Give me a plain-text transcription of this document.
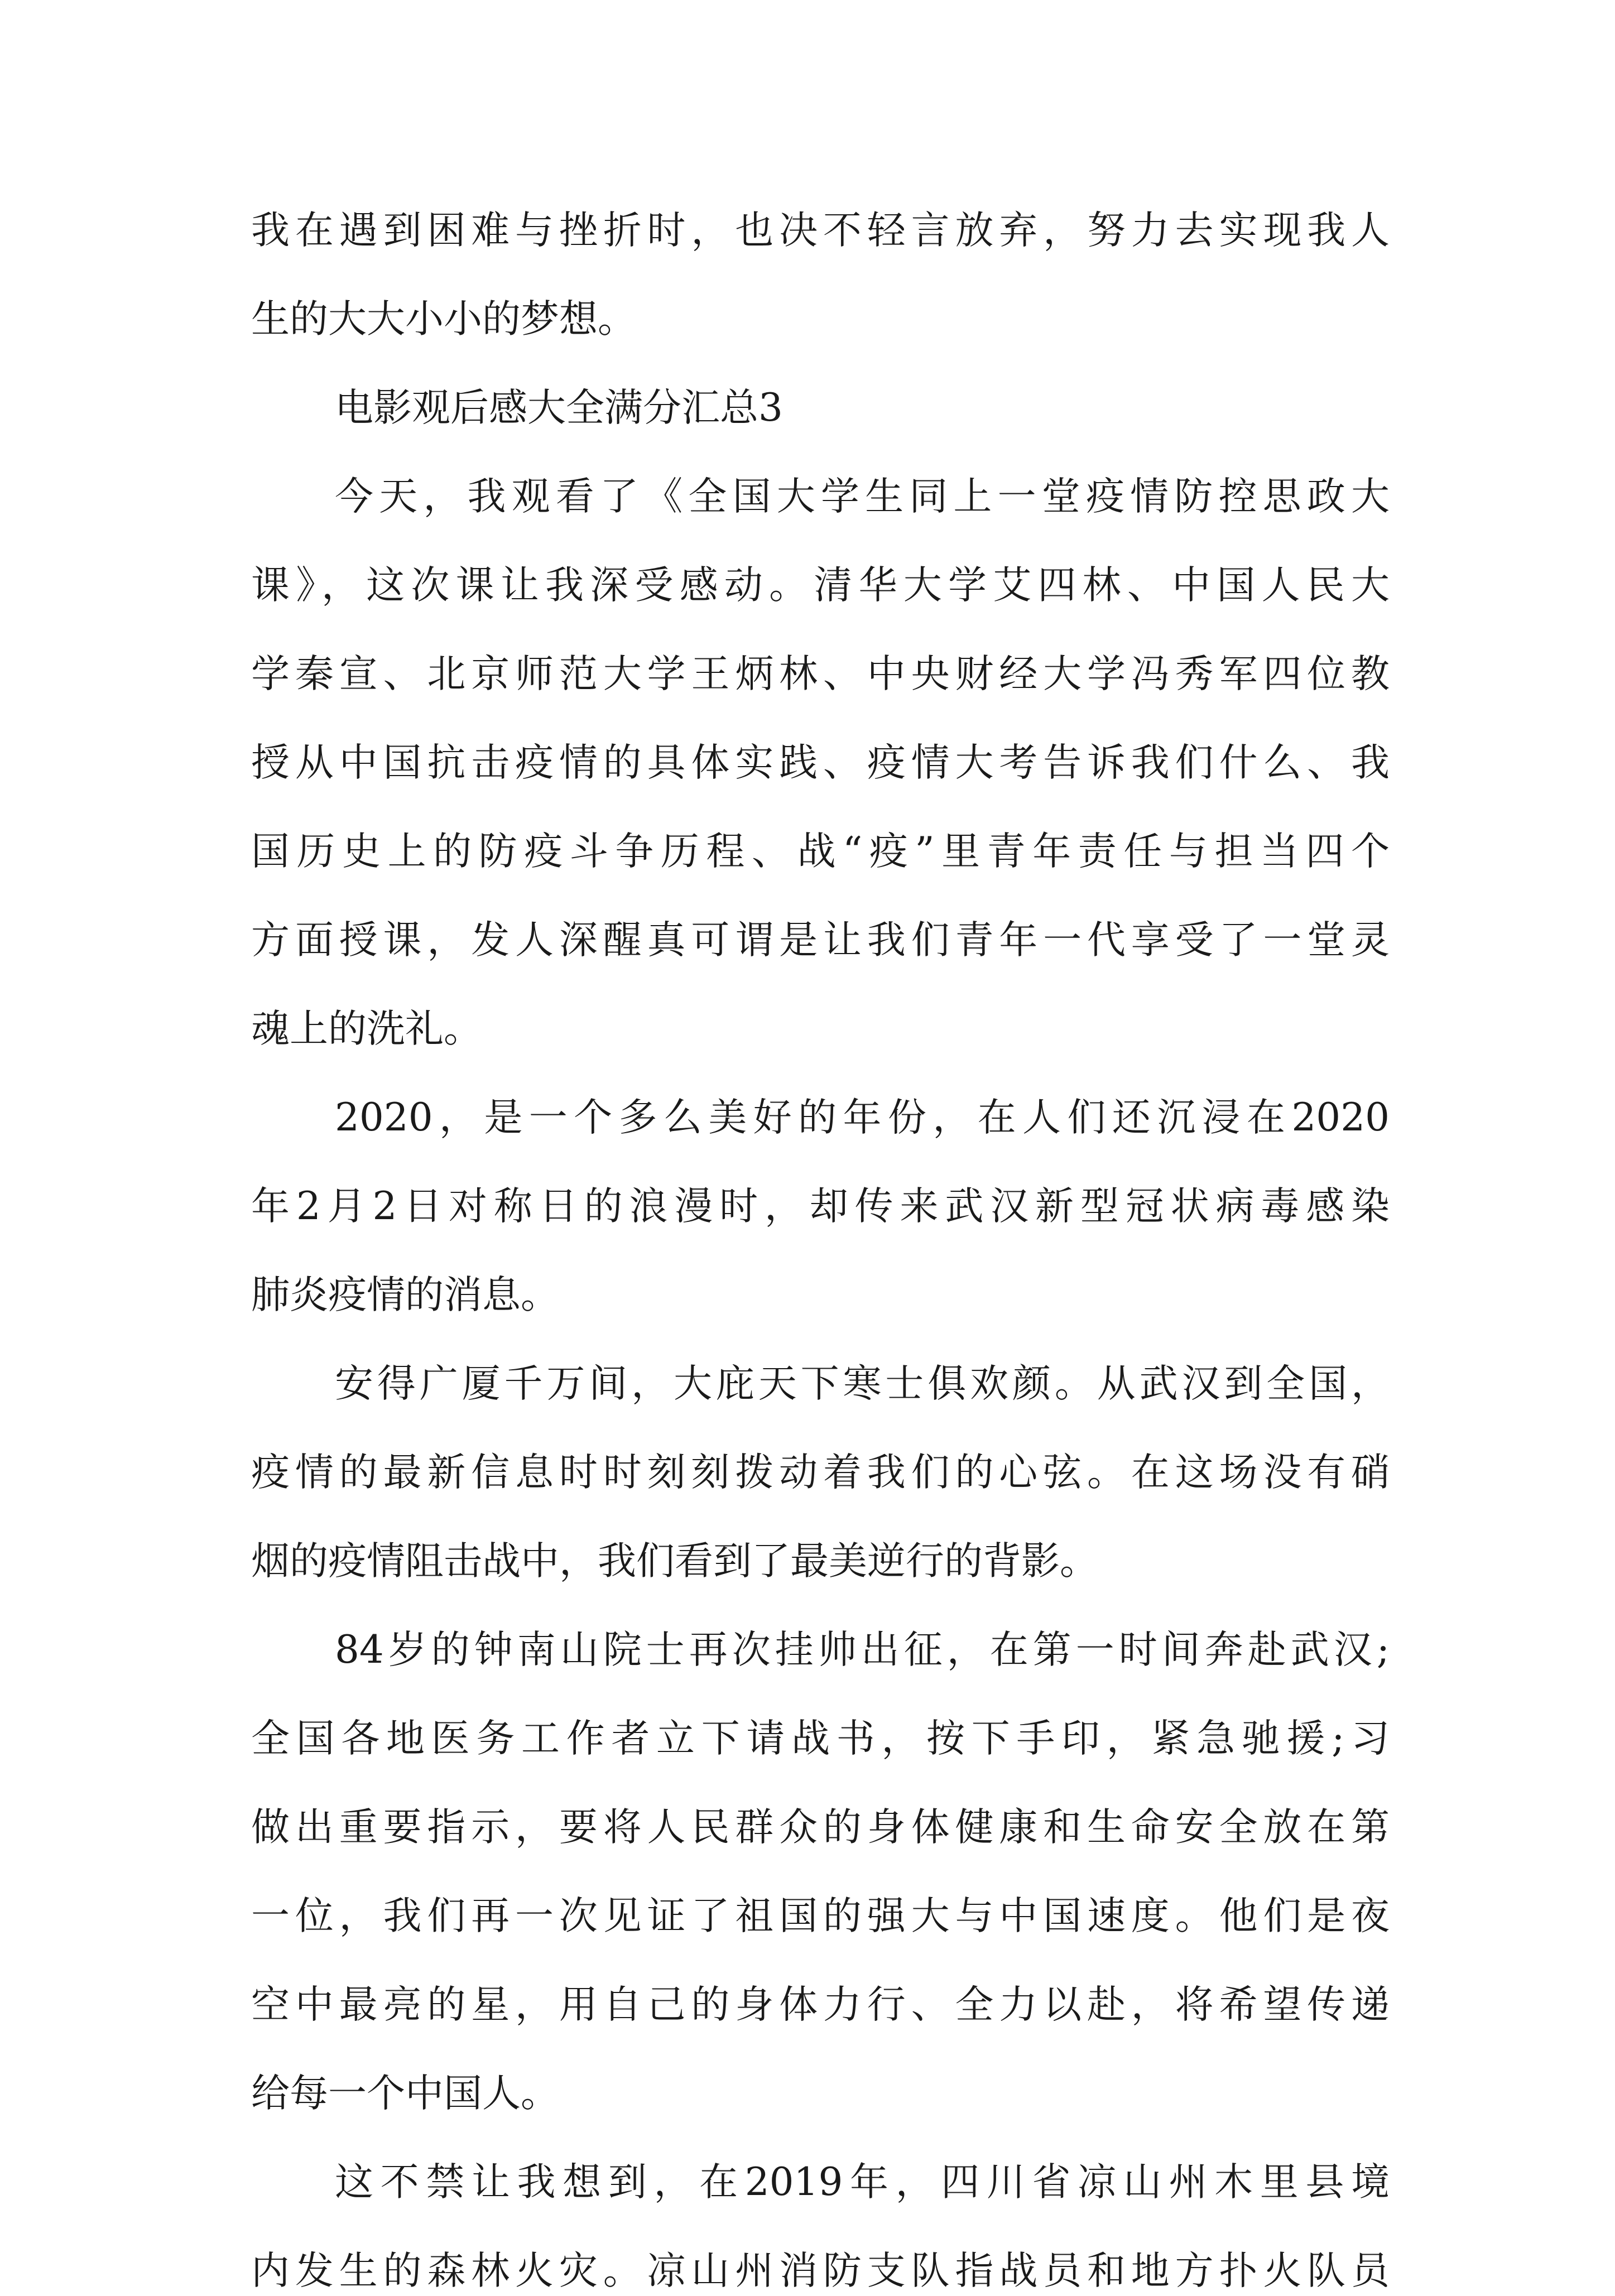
我在遇到困难与挫折时，也决不轻言放弃，努力去实现我人
生的大大小小的梦想。
电影观后感大全满分汇总3
今天，我观看了《全国大学生同上一堂疫情防控思政大
课》，这次课让我深受感动。清华大学艾四林、中国人民大
学秦宣、北京师范大学王炳林、中央财经大学冯秀军四位教
授从中国抗击疫情的具体实践、疫情大考告诉我们什么、我
国历史上的防疫斗争历程、战“疫”里青年责任与担当四个
方面授课，发人深醒真可谓是让我们青年一代享受了一堂灵
魂上的洗礼。
2020，是一个多么美好的年份，在人们还沉浸在2020
年2月2日对称日的浪漫时，却传来武汉新型冠状病毒感染
肺炎疫情的消息。
安得广厦千万间，大庇天下寒士俱欢颜。从武汉到全国，
疫情的最新信息时时刻刻拨动着我们的心弦。在这场没有硝
烟的疫情阻击战中，我们看到了最美逆行的背影。
84岁的钟南山院士再次挂帅出征，在第一时间奔赴武汉;
全国各地医务工作者立下请战书，按下手印，紧急驰援;习
做出重要指示，要将人民群众的身体健康和生命安全放在第
一位，我们再一次见证了祖国的强大与中国速度。他们是夜
空中最亮的星，用自己的身体力行、全力以赴，将希望传递
给每一个中国人。
这不禁让我想到，在2019年，四川省凉山州木里县境
内发生的森林火灾。凉山州消防支队指战员和地方扑火队员
